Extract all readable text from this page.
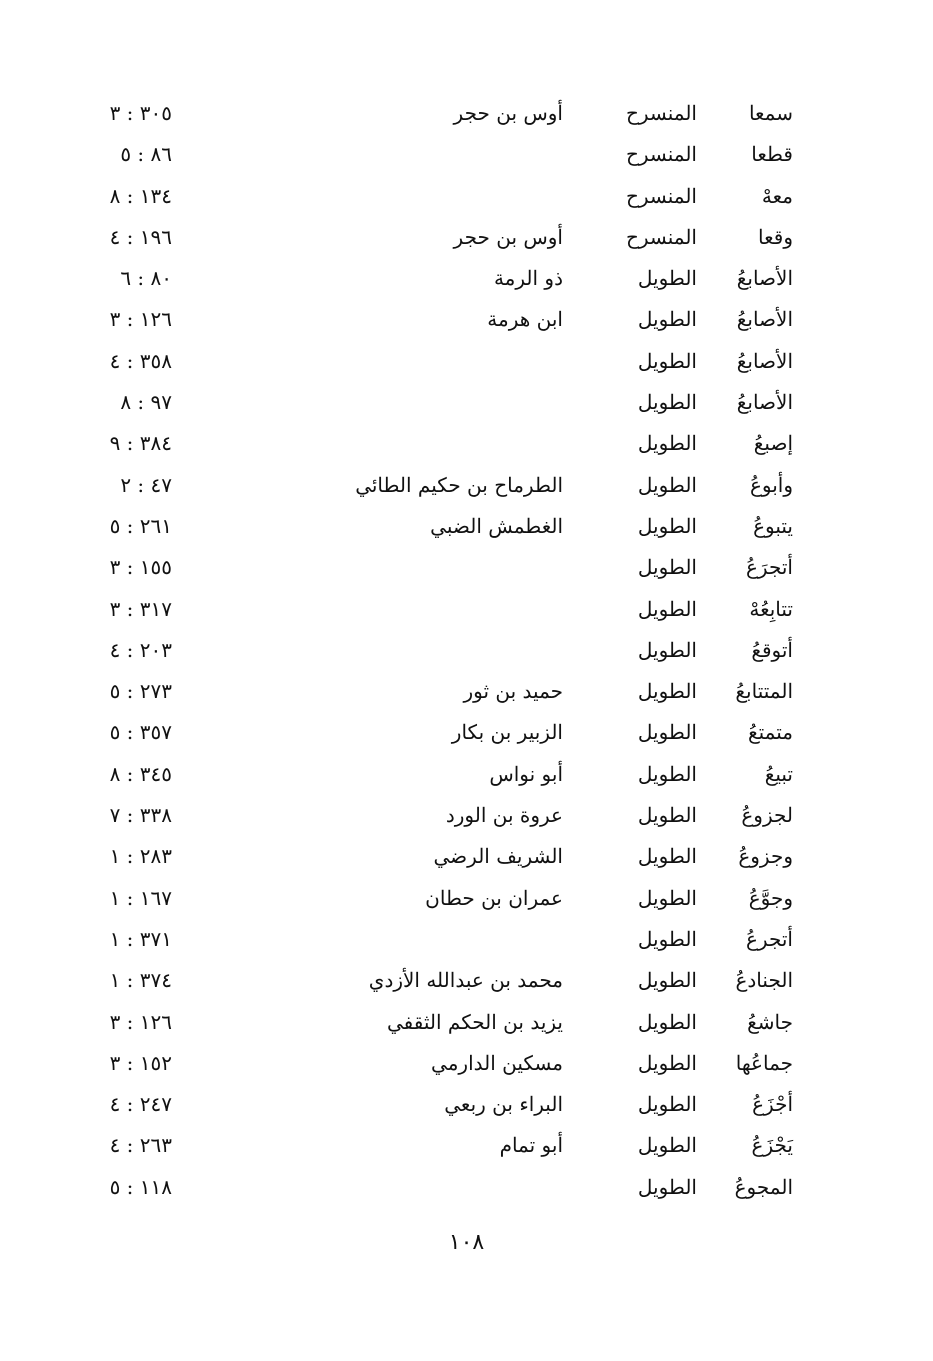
سمعا
المنسرح
أوس بن حجر
٣٠٥ : ٣
قطعا
المنسرح
٨٦ : ٥
معهْ
المنسرح
١٣٤ : ٨
وقعا
المنسرح
أوس بن حجر
١٩٦ : ٤
الأصابعُ
الطويل
ذو الرمة
٨٠ : ٦
الأصابعُ
الطويل
ابن هرمة
١٢٦ : ٣
الأصابعُ
الطويل
٣٥٨ : ٤
الأصابعُ
الطويل
٩٧ : ٨
إصبعُ
الطويل
٣٨٤ : ٩
وأبوعُ
الطويل
الطرماح بن حكيم الطائي
٤٧ : ٢
يتبوعُ
الطويل
الغطمش الضبي
٢٦١ : ٥
أتجرَعُ
الطويل
١٥٥ : ٣
تتابِعُهْ
الطويل
٣١٧ : ٣
أتوقعُ
الطويل
٢٠٣ : ٤
المتتابعُ
الطويل
حميد بن ثور
٢٧٣ : ٥
متمتعُ
الطويل
الزبير بن بكار
٣٥٧ : ٥
تبيعُ
الطويل
أبو نواس
٣٤٥ : ٨
لجزوعُ
الطويل
عروة بن الورد
٣٣٨ : ٧
وجزوعُ
الطويل
الشريف الرضي
٢٨٣ : ١
وجوَّعُ
الطويل
عمران بن حطان
١٦٧ : ١
أتجرعُ
الطويل
٣٧١ : ١
الجنادعُ
الطويل
محمد بن عبدالله الأزدي
٣٧٤ : ١
جاشعُ
الطويل
يزيد بن الحكم الثقفي
١٢٦ : ٣
جماعُها
الطويل
مسكين الدارمي
١٥٢ : ٣
أجْزَعُ
الطويل
البراء بن ربعي
٢٤٧ : ٤
يَجْزَعُ
الطويل
أبو تمام
٢٦٣ : ٤
المجوعُ
الطويل
١١٨ : ٥
١٠٨
